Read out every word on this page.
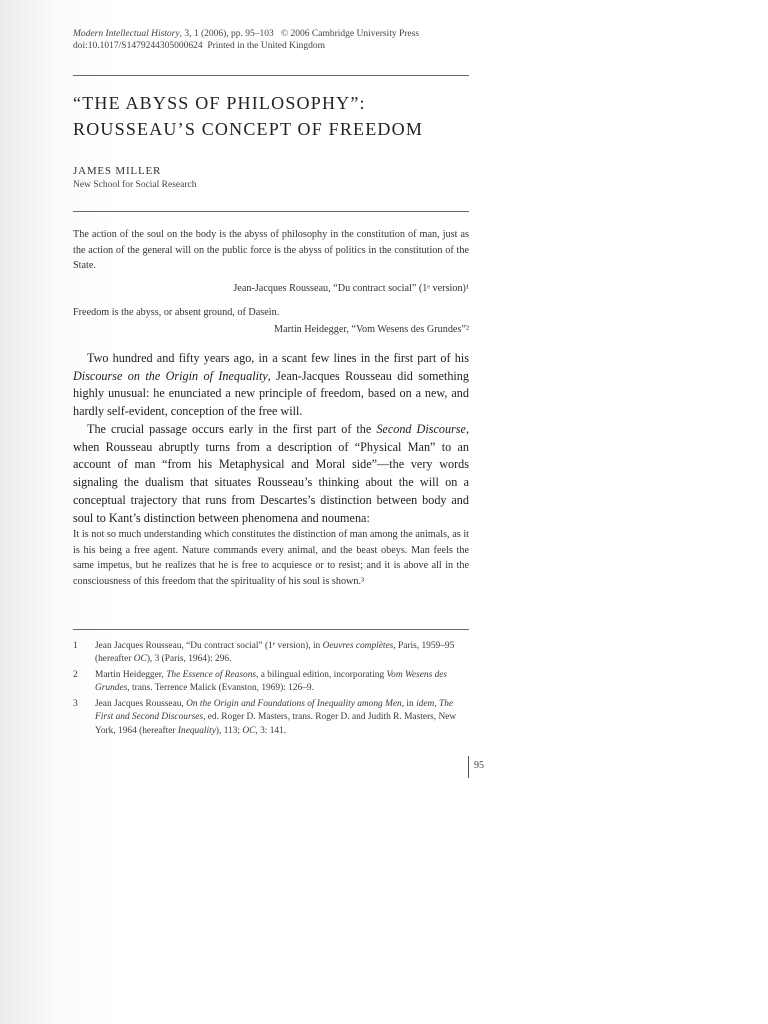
Modern Intellectual History, 3, 1 (2006), pp. 95–103 © 2006 Cambridge University Press
doi:10.1017/S1479244305000624 Printed in the United Kingdom
“THE ABYSS OF PHILOSOPHY”:
ROUSSEAU’S CONCEPT OF FREEDOM
JAMES MILLER
New School for Social Research
The action of the soul on the body is the abyss of philosophy in the constitution of man, just as the action of the general will on the public force is the abyss of politics in the constitution of the State.
Jean-Jacques Rousseau, “Du contract social” (1ᵉ version)¹
Freedom is the abyss, or absent ground, of Dasein.
Martin Heidegger, “Vom Wesens des Grundes”²
Two hundred and fifty years ago, in a scant few lines in the first part of his Discourse on the Origin of Inequality, Jean-Jacques Rousseau did something highly unusual: he enunciated a new principle of freedom, based on a new, and hardly self-evident, conception of the free will.
The crucial passage occurs early in the first part of the Second Discourse, when Rousseau abruptly turns from a description of “Physical Man” to an account of man “from his Metaphysical and Moral side”—the very words signaling the dualism that situates Rousseau’s thinking about the will on a conceptual trajectory that runs from Descartes’s distinction between body and soul to Kant’s distinction between phenomena and noumena:
It is not so much understanding which constitutes the distinction of man among the animals, as it is his being a free agent. Nature commands every animal, and the beast obeys. Man feels the same impetus, but he realizes that he is free to acquiesce or to resist; and it is above all in the consciousness of this freedom that the spirituality of his soul is shown.³
1 Jean Jacques Rousseau, “Du contract social” (1ᵉ version), in Oeuvres complètes, Paris, 1959–95 (hereafter OC), 3 (Paris, 1964): 296.
2 Martin Heidegger, The Essence of Reasons, a bilingual edition, incorporating Vom Wesens des Grundes, trans. Terrence Malick (Evanston, 1969): 126–9.
3 Jean Jacques Rousseau, On the Origin and Foundations of Inequality among Men, in idem, The First and Second Discourses, ed. Roger D. Masters, trans. Roger D. and Judith R. Masters, New York, 1964 (hereafter Inequality), 113; OC, 3: 141.
95
